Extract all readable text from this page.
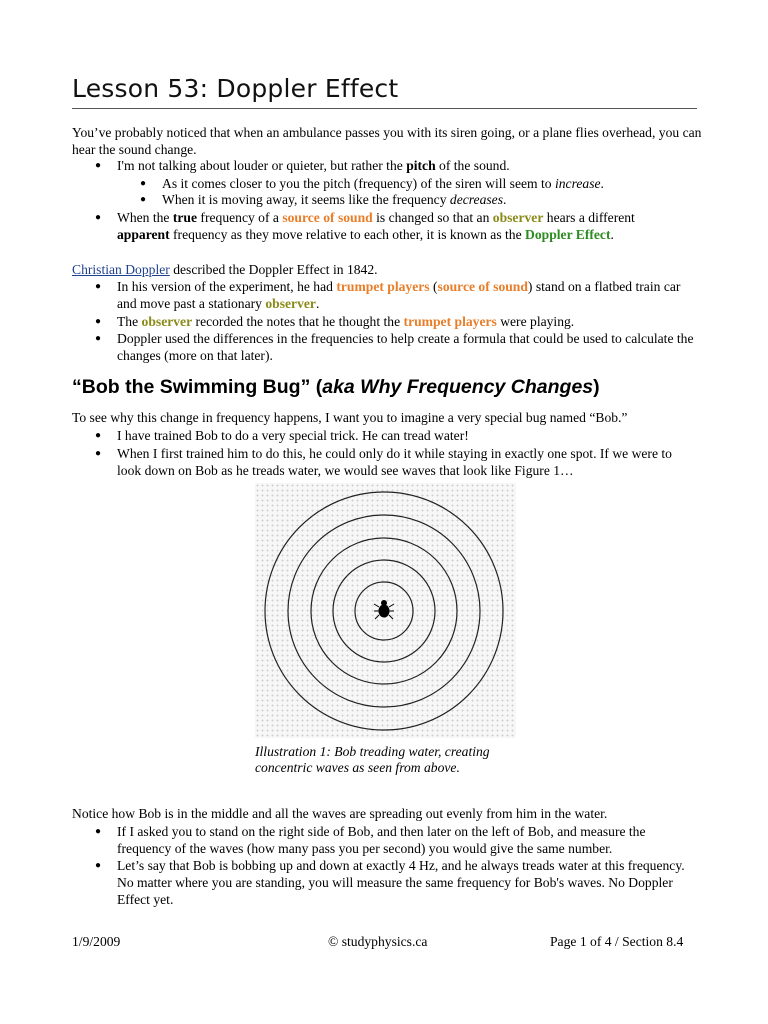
Lesson 53: Doppler Effect
You’ve probably noticed that when an ambulance passes you with its siren going, or a plane flies overhead, you can hear the sound change.
● I'm not talking about louder or quieter, but rather the pitch of the sound.
● As it comes closer to you the pitch (frequency) of the siren will seem to increase.
● When it is moving away, it seems like the frequency decreases.
● When the true frequency of a source of sound is changed so that an observer hears a different
apparent frequency as they move relative to each other, it is known as the Doppler Effect.
Christian Doppler described the Doppler Effect in 1842.
● In his version of the experiment, he had trumpet players (source of sound) stand on a flatbed train car and move past a stationary observer.
● The observer recorded the notes that he thought the trumpet players were playing.
● Doppler used the differences in the frequencies to help create a formula that could be used to calculate the changes (more on that later).
“Bob the Swimming Bug” (aka Why Frequency Changes)
To see why this change in frequency happens, I want you to imagine a very special bug named “Bob.”
● I have trained Bob to do a very special trick. He can tread water!
● When I first trained him to do this, he could only do it while staying in exactly one spot. If we were to look down on Bob as he treads water, we would see waves that look like Figure 1…
Illustration 1: Bob treading water, creating concentric waves as seen from above.
Notice how Bob is in the middle and all the waves are spreading out evenly from him in the water.
● If I asked you to stand on the right side of Bob, and then later on the left of Bob, and measure the frequency of the waves (how many pass you per second) you would give the same number.
● Let’s say that Bob is bobbing up and down at exactly 4 Hz, and he always treads water at this frequency. No matter where you are standing, you will measure the same frequency for Bob's waves. No Doppler Effect yet.
1/9/2009	© studyphysics.ca	Page 1 of 4 / Section 8.4
